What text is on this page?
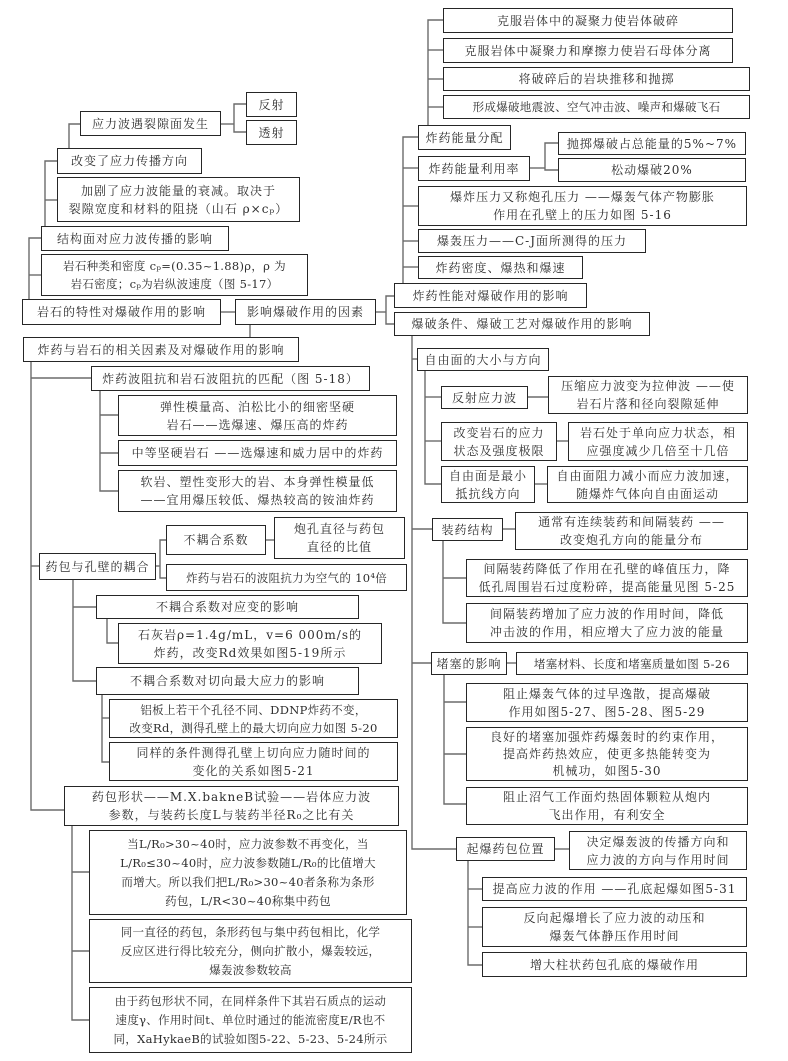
反射
透射
应力波遇裂隙面发生
改变了应力传播方向
加剧了应力波能量的衰减。取决于
裂隙宽度和材料的阻挠（山石 ρ×cₚ）
结构面对应力波传播的影响
岩石种类和密度 cₚ=(0.35~1.88)ρ，ρ 为
岩石密度；cₚ为岩纵波速度（图 5-17）
岩石的特性对爆破作用的影响	影响爆破作用的因素
炸药与岩石的相关因素及对爆破作用的影响
克服岩体中的凝聚力使岩体破碎
克服岩体中凝聚力和摩擦力使岩石母体分离
将破碎后的岩块推移和抛掷
形成爆破地震波、空气冲击波、噪声和爆破飞石
炸药能量分配
炸药能量利用率
抛掷爆破占总能量的5%~7%
松动爆破20%
爆炸压力又称炮孔压力 ——爆轰气体产物膨胀
作用在孔壁上的压力如图 5-16
爆轰压力——C-J面所测得的压力
炸药密度、爆热和爆速
炸药性能对爆破作用的影响
爆破条件、爆破工艺对爆破作用的影响
自由面的大小与方向
反射应力波
压缩应力波变为拉伸波 ——使
岩石片落和径向裂隙延伸
改变岩石的应力
状态及强度极限
岩石处于单向应力状态，相
应强度减少几倍至十几倍
自由面是最小
抵抗线方向
自由面阻力减小而应力波加速，
随爆炸气体向自由面运动
装药结构
通常有连续装药和间隔装药 ——
改变炮孔方向的能量分布
间隔装药降低了作用在孔壁的峰值压力，降
低孔周围岩石过度粉碎，提高能量见图 5-25
间隔装药增加了应力波的作用时间，降低
冲击波的作用，相应增大了应力波的能量
堵塞的影响	堵塞材料、长度和堵塞质量如图 5-26
阻止爆轰气体的过早逸散，提高爆破
作用如图5-27、图5-28、图5-29
良好的堵塞加强炸药爆轰时的约束作用，
提高炸药热效应，使更多热能转变为
机械功，如图5-30
阻止沼气工作面灼热固体颗粒从炮内
飞出作用，有利安全
起爆药包位置
决定爆轰波的传播方向和
应力波的方向与作用时间
提高应力波的作用 ——孔底起爆如图5-31
反向起爆增长了应力波的动压和
爆轰气体静压作用时间
增大柱状药包孔底的爆破作用
炸药波阻抗和岩石波阻抗的匹配（图 5-18）
弹性模量高、泊松比小的细密坚硬
岩石——选爆速、爆压高的炸药
中等坚硬岩石 ——选爆速和威力居中的炸药
软岩、塑性变形大的岩、本身弹性模量低
——宜用爆压较低、爆热较高的铵油炸药
不耦合系数
炮孔直径与药包
直径的比值
药包与孔壁的耦合
炸药与岩石的波阻抗力为空气的 10⁴倍
不耦合系数对应变的影响
石灰岩ρ=1.4g/mL，v=6 000m/s的
炸药，改变Rd效果如图5-19所示
不耦合系数对切向最大应力的影响
铝板上若干个孔径不同、DDNP炸药不变，
改变Rd，测得孔壁上的最大切向应力如图 5-20
同样的条件测得孔壁上切向应力随时间的
变化的关系如图5-21
药包形状——M.X.bakneB试验——岩体应力波
参数，与装药长度L与装药半径R₀之比有关
当L/R₀>30~40时，应力波参数不再变化，当
L/R₀≤30~40时，应力波参数随L/R₀的比值增大
而增大。所以我们把L/R₀>30~40者条称为条形
药包，L/R<30~40称集中药包
同一直径的药包，条形药包与集中药包相比，化学
反应区进行得比较充分，侧向扩散小，爆轰较远，
爆轰波参数较高
由于药包形状不同，在同样条件下其岩石质点的运动
速度γ、作用时间t、单位时通过的能流密度E/R也不
同，XaHykaeB的试验如图5-22、5-23、5-24所示
